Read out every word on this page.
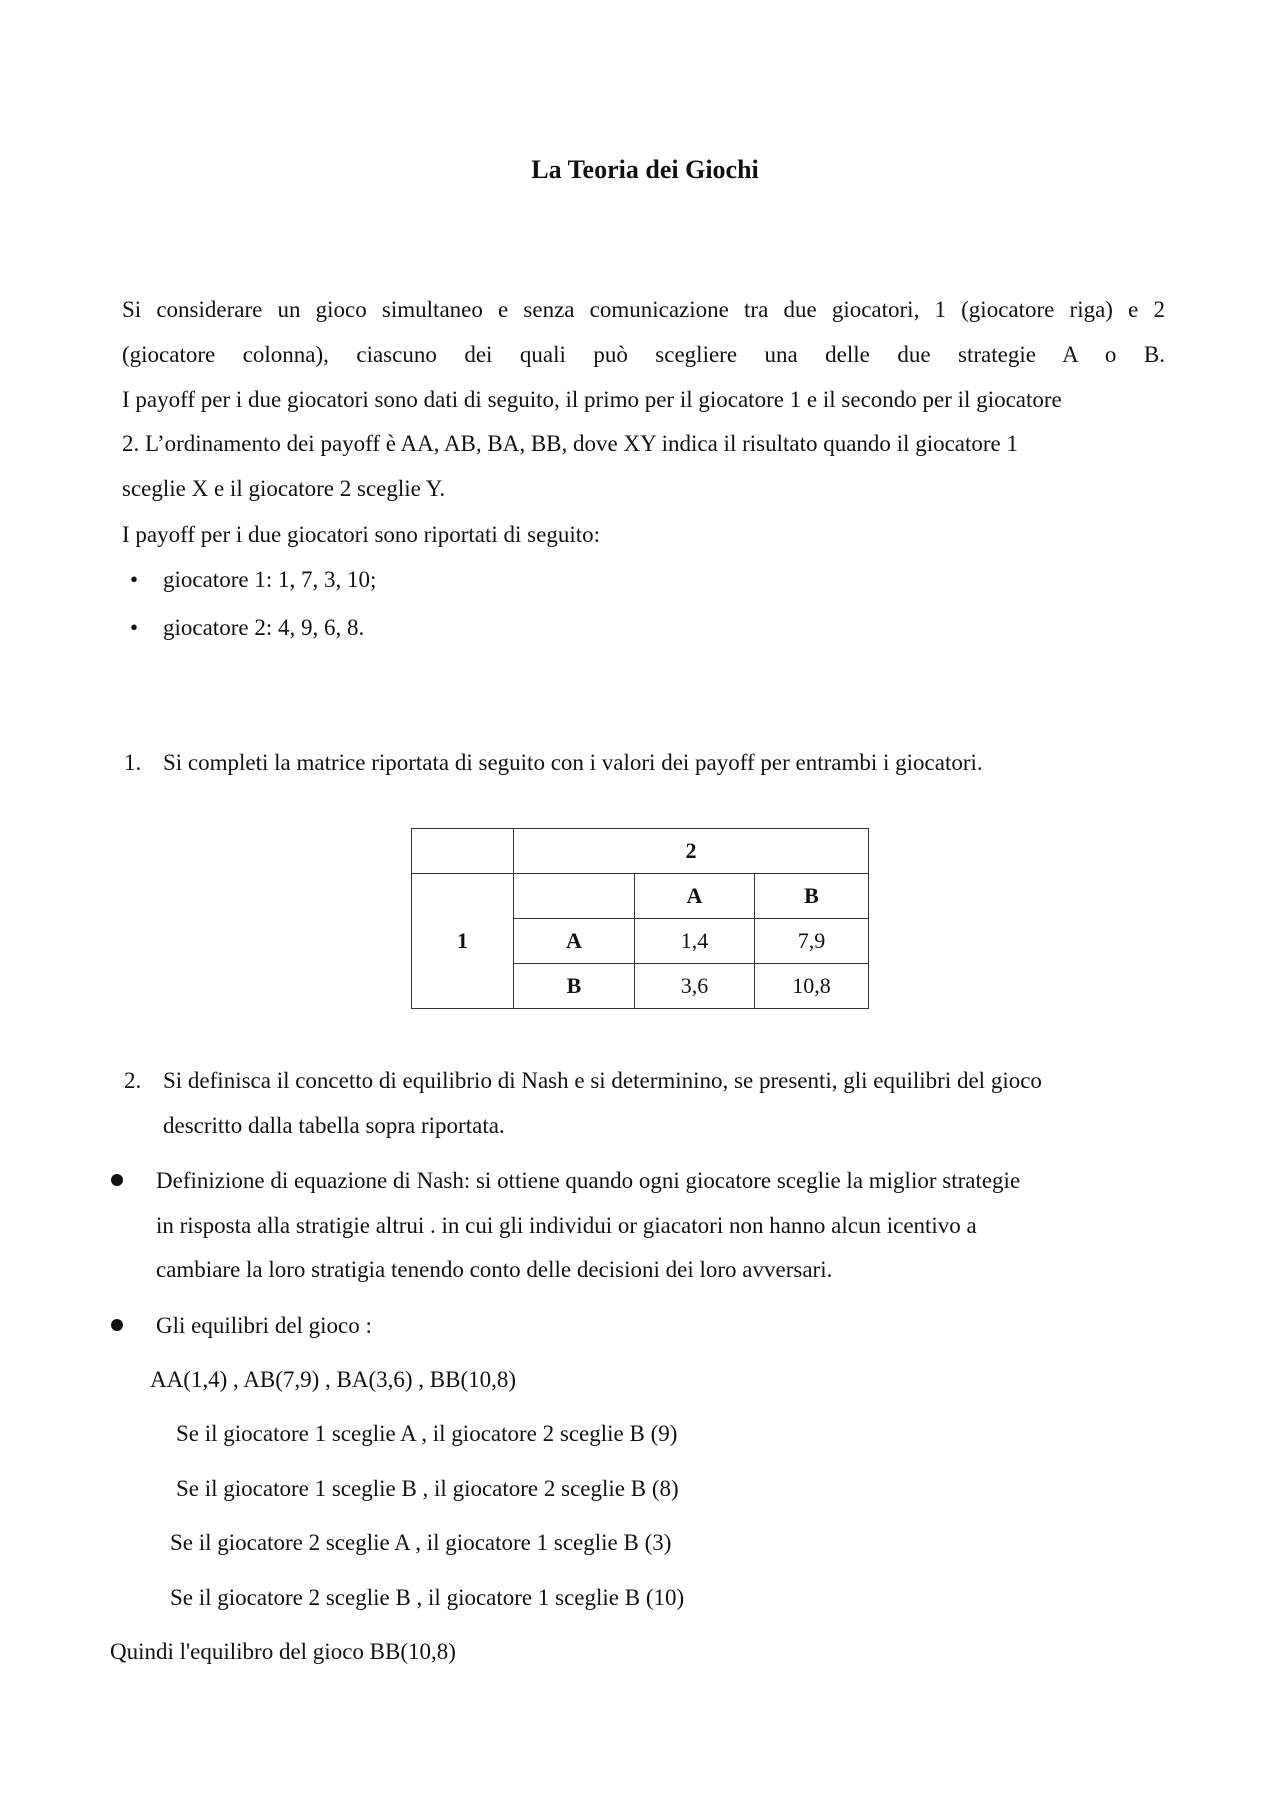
La Teoria dei Giochi
Si considerare un gioco simultaneo e senza comunicazione tra due giocatori, 1 (giocatore riga) e 2
(giocatore colonna), ciascuno dei quali può scegliere una delle due strategie A o B.
I payoff per i due giocatori sono dati di seguito, il primo per il giocatore 1 e il secondo per il giocatore
2. L’ordinamento dei payoff è AA, AB, BA, BB, dove XY indica il risultato quando il giocatore 1
sceglie X e il giocatore 2 sceglie Y.
I payoff per i due giocatori sono riportati di seguito:
• giocatore 1: 1, 7, 3, 10;
• giocatore 2: 4, 9, 6, 8.
1. Si completi la matrice riportata di seguito con i valori dei payoff per entrambi i giocatori.
	2		
1		A	B
	A	1,4	7,9
	B	3,6	10,8
2. Si definisca il concetto di equilibrio di Nash e si determinino, se presenti, gli equilibri del gioco
descritto dalla tabella sopra riportata.
Definizione di equazione di Nash: si ottiene quando ogni giocatore sceglie la miglior strategie
in risposta alla stratigie altrui . in cui gli individui or giacatori non hanno alcun icentivo a
cambiare la loro stratigia tenendo conto delle decisioni dei loro avversari.
Gli equilibri del gioco :
AA(1,4) , AB(7,9) , BA(3,6) , BB(10,8)
Se il giocatore 1 sceglie A , il giocatore 2 sceglie B (9)
Se il giocatore 1 sceglie B , il giocatore 2 sceglie B (8)
Se il giocatore 2 sceglie A , il giocatore 1 sceglie B (3)
Se il giocatore 2 sceglie B , il giocatore 1 sceglie B (10)
Quindi l'equilibro del gioco BB(10,8)
